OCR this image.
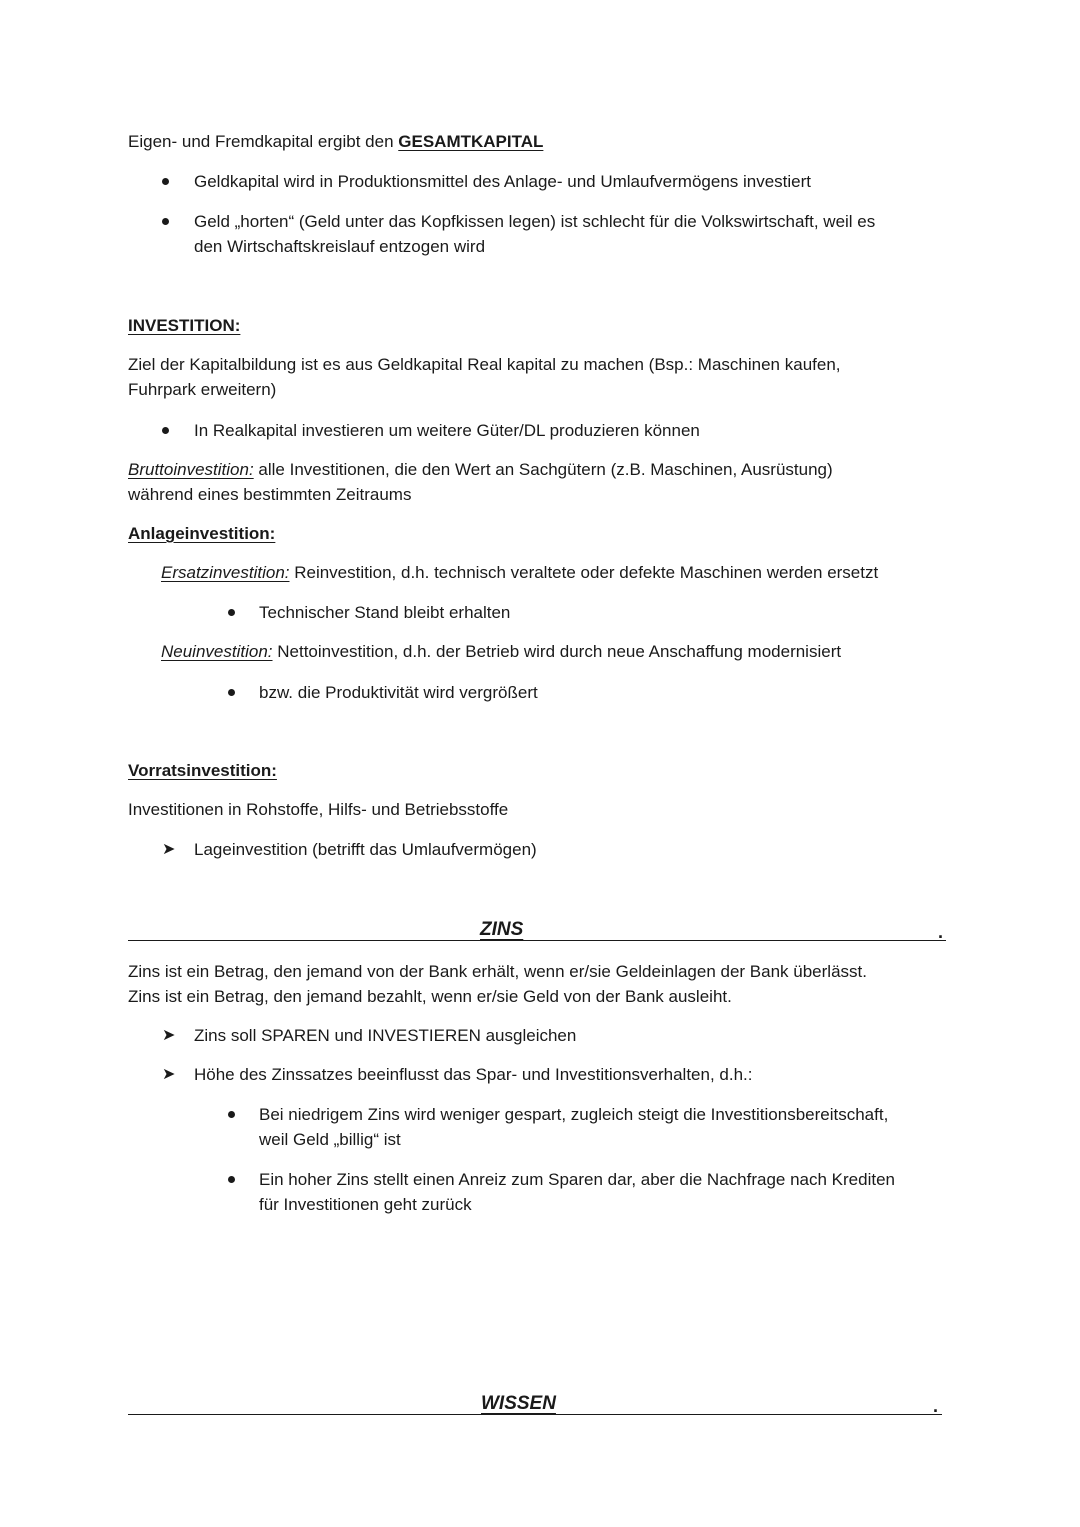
Eigen- und Fremdkapital ergibt den GESAMTKAPITAL
Geldkapital wird in Produktionsmittel des Anlage- und Umlaufvermögens investiert
Geld „horten“ (Geld unter das Kopfkissen legen) ist schlecht für die Volkswirtschaft, weil es
den Wirtschaftskreislauf entzogen wird
INVESTITION:
Ziel der Kapitalbildung ist es aus Geldkapital Real kapital zu machen (Bsp.: Maschinen kaufen,
Fuhrpark erweitern)
In Realkapital investieren um weitere Güter/DL produzieren können
Bruttoinvestition: alle Investitionen, die den Wert an Sachgütern (z.B. Maschinen, Ausrüstung)
während eines bestimmten Zeitraums
Anlageinvestition:
Ersatzinvestition: Reinvestition, d.h. technisch veraltete oder defekte Maschinen werden ersetzt
Technischer Stand bleibt erhalten
Neuinvestition: Nettoinvestition, d.h. der Betrieb wird durch neue Anschaffung modernisiert
bzw. die Produktivität wird vergrößert
Vorratsinvestition:
Investitionen in Rohstoffe, Hilfs- und Betriebsstoffe
➤ Lageinvestition (betrifft das Umlaufvermögen)
ZINS	.
Zins ist ein Betrag, den jemand von der Bank erhält, wenn er/sie Geldeinlagen der Bank überlässt.
Zins ist ein Betrag, den jemand bezahlt, wenn er/sie Geld von der Bank ausleiht.
➤ Zins soll SPAREN und INVESTIEREN ausgleichen
➤ Höhe des Zinssatzes beeinflusst das Spar- und Investitionsverhalten, d.h.:
Bei niedrigem Zins wird weniger gespart, zugleich steigt die Investitionsbereitschaft,
weil Geld „billig“ ist
Ein hoher Zins stellt einen Anreiz zum Sparen dar, aber die Nachfrage nach Krediten
für Investitionen geht zurück
WISSEN	.
